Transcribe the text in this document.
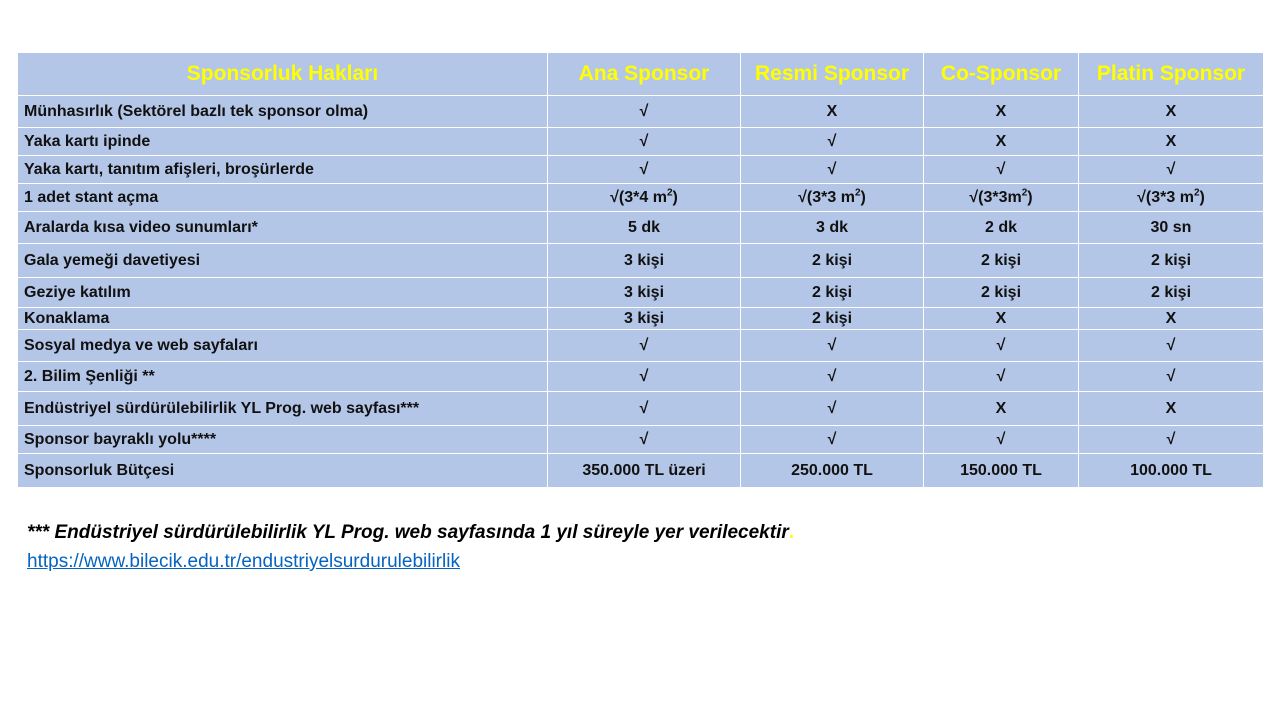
Sponsorluk Hakları	Ana Sponsor	Resmi Sponsor	Co-Sponsor	Platin Sponsor
Münhasırlık (Sektörel bazlı tek sponsor olma)	√	X	X	X
Yaka kartı ipinde	√	√	X	X
Yaka kartı, tanıtım afişleri, broşürlerde	√	√	√	√
1 adet stant açma	√(3*4 $m^2$)	√(3*3 $m^2$)	$√(3*3m^2)$	√(3*3 $m^2$)
Aralarda kısa video sunumları*	5 dk	3 dk	2 dk	30 sn
Gala yemeği davetiyesi	3 kişi	2 kişi	2 kişi	2 kişi
Geziye katılım	3 kişi	2 kişi	2 kişi	2 kişi
Konaklama	3 kişi	2 kişi	X	X
Sosyal medya ve web sayfaları	√	√	√	√
2. Bilim Şenliği **	√	√	√	√
Endüstriyel sürdürülebilirlik YL Prog. web sayfası***	√	√	X	X
Sponsor bayraklı yolu****	√	√	√	√
Sponsorluk Bütçesi	350.000 TL üzeri	250.000 TL	150.000 TL	100.000 TL
*** Endüstriyel sürdürülebilirlik YL Prog. web sayfasında 1 yıl süreyle yer verilecektir.
https://www.bilecik.edu.tr/endustriyelsurdurulebilirlik
